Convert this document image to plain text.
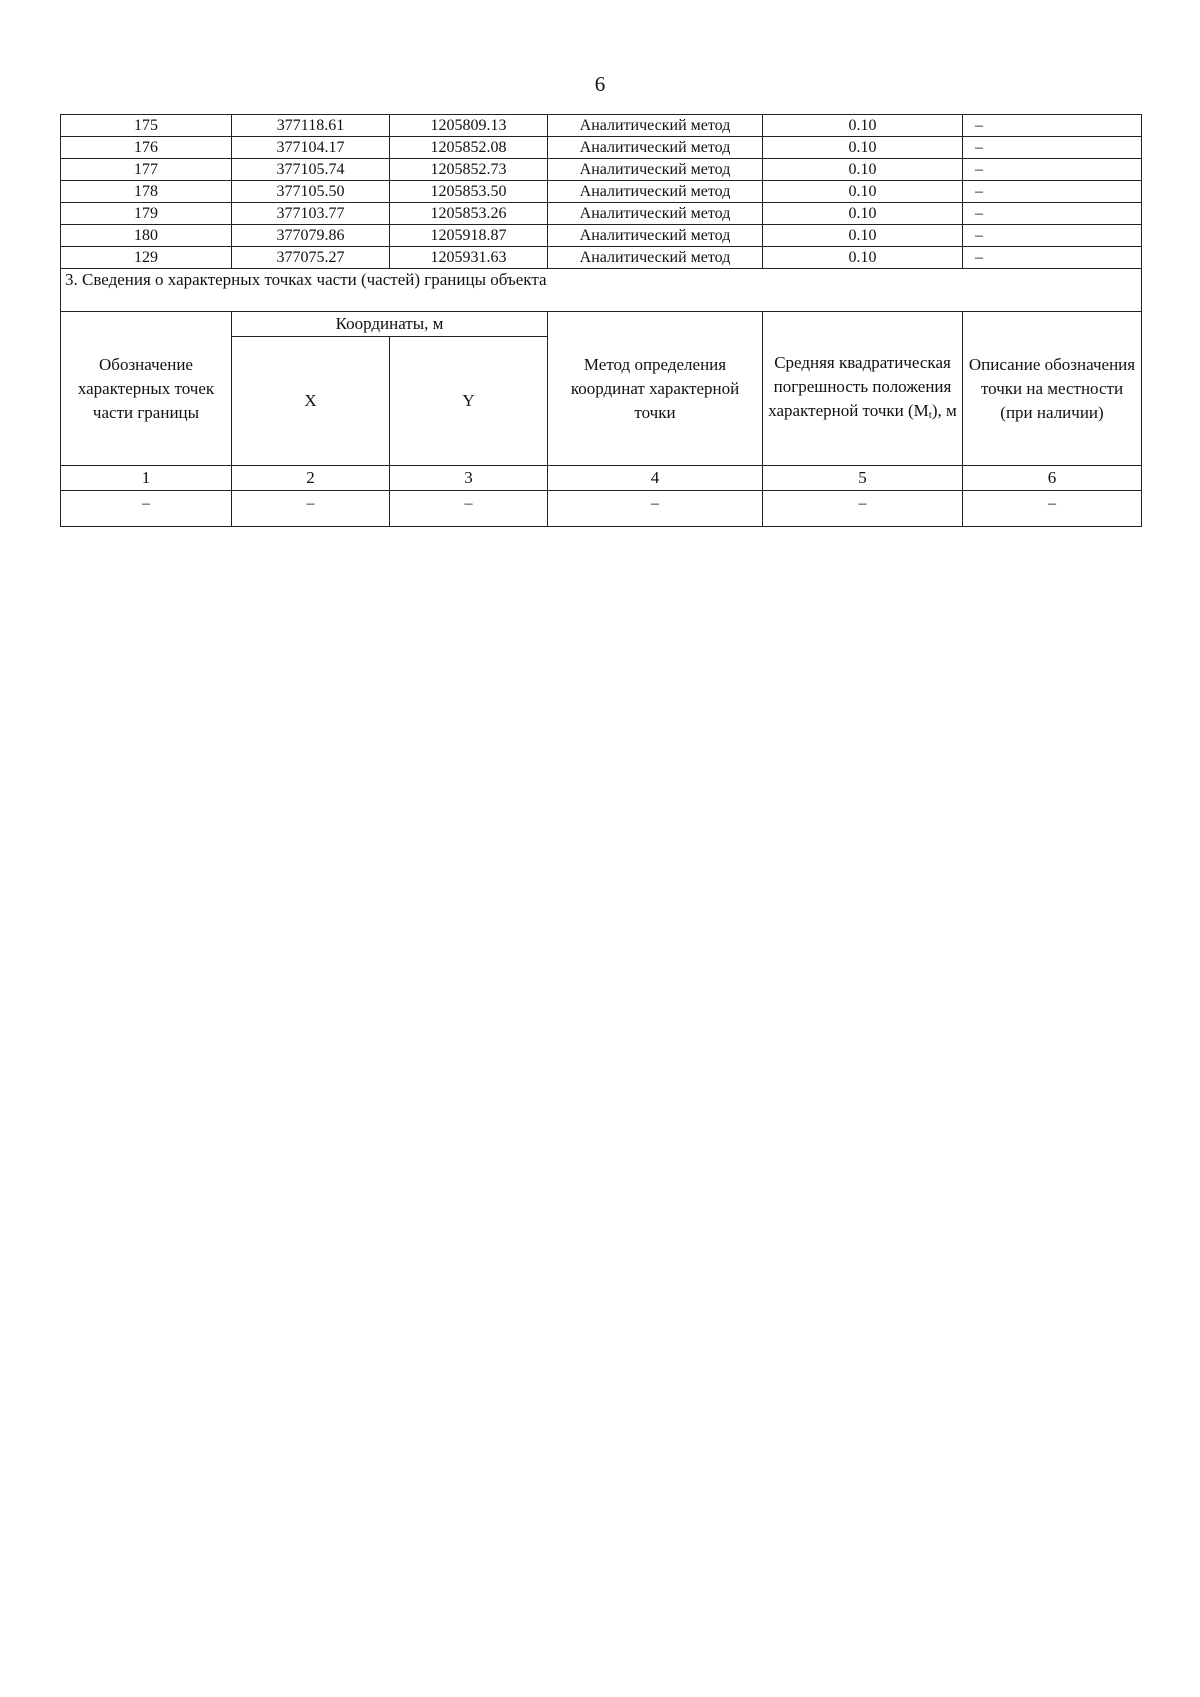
6
175	377118.61	1205809.13	Аналитический метод	0.10	–
176	377104.17	1205852.08	Аналитический метод	0.10	–
177	377105.74	1205852.73	Аналитический метод	0.10	–
178	377105.50	1205853.50	Аналитический метод	0.10	–
179	377103.77	1205853.26	Аналитический метод	0.10	–
180	377079.86	1205918.87	Аналитический метод	0.10	–
129	377075.27	1205931.63	Аналитический метод	0.10	–
3. Сведения о характерных точках части (частей) границы объекта					
Обозначение характерных точек части границы	Координаты, м		Метод определения координат характерной точки	Средняя квадратическая погрешность положения характерной точки $(M_t)$, м	Описание обозначения точки на местности (при наличии)
	X	Y			
1	2	3	4	5	6
–	–	–	–	–	–
